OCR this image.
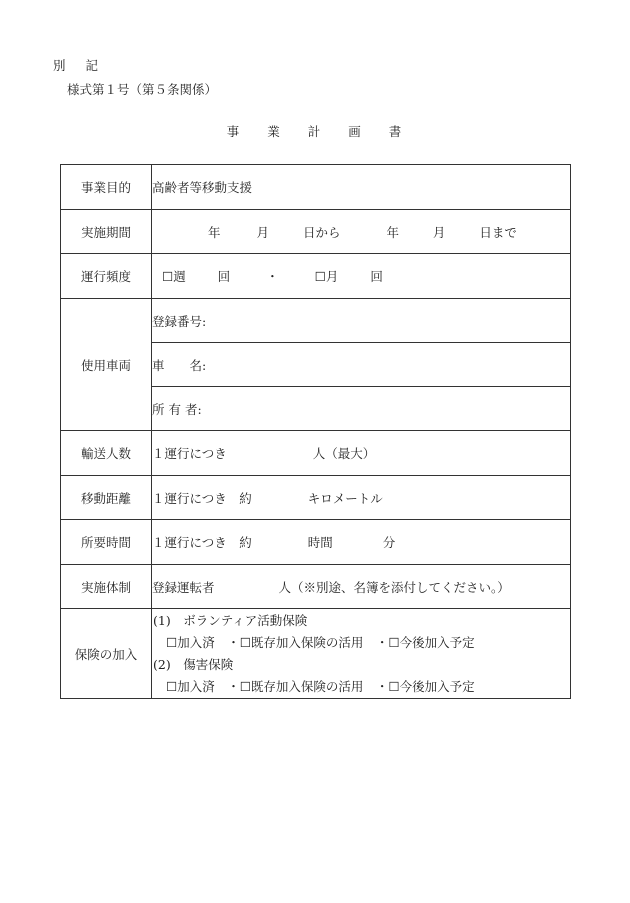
別 記
様式第１号（第５条関係）
事 業 計 画 書
事業目的	高齢者等移動支援
実施期間	年 月 日から 年 月 日まで
運行頻度	☐週 回 ・ ☐月 回
使用車両	登録番号:
	車　　名:
	所 有 者:
輸送人数	１運行につき 人（最大）
移動距離	１運行につき　約 キロメートル
所要時間	１運行につき　約 時間 分
実施体制	登録運転者 人（※別途、名簿を添付してください。）
保険の加入	(1)　ボランティア活動保険
☐加入済　・☐既存加入保険の活用　・☐今後加入予定
(2)　傷害保険
☐加入済　・☐既存加入保険の活用　・☐今後加入予定
